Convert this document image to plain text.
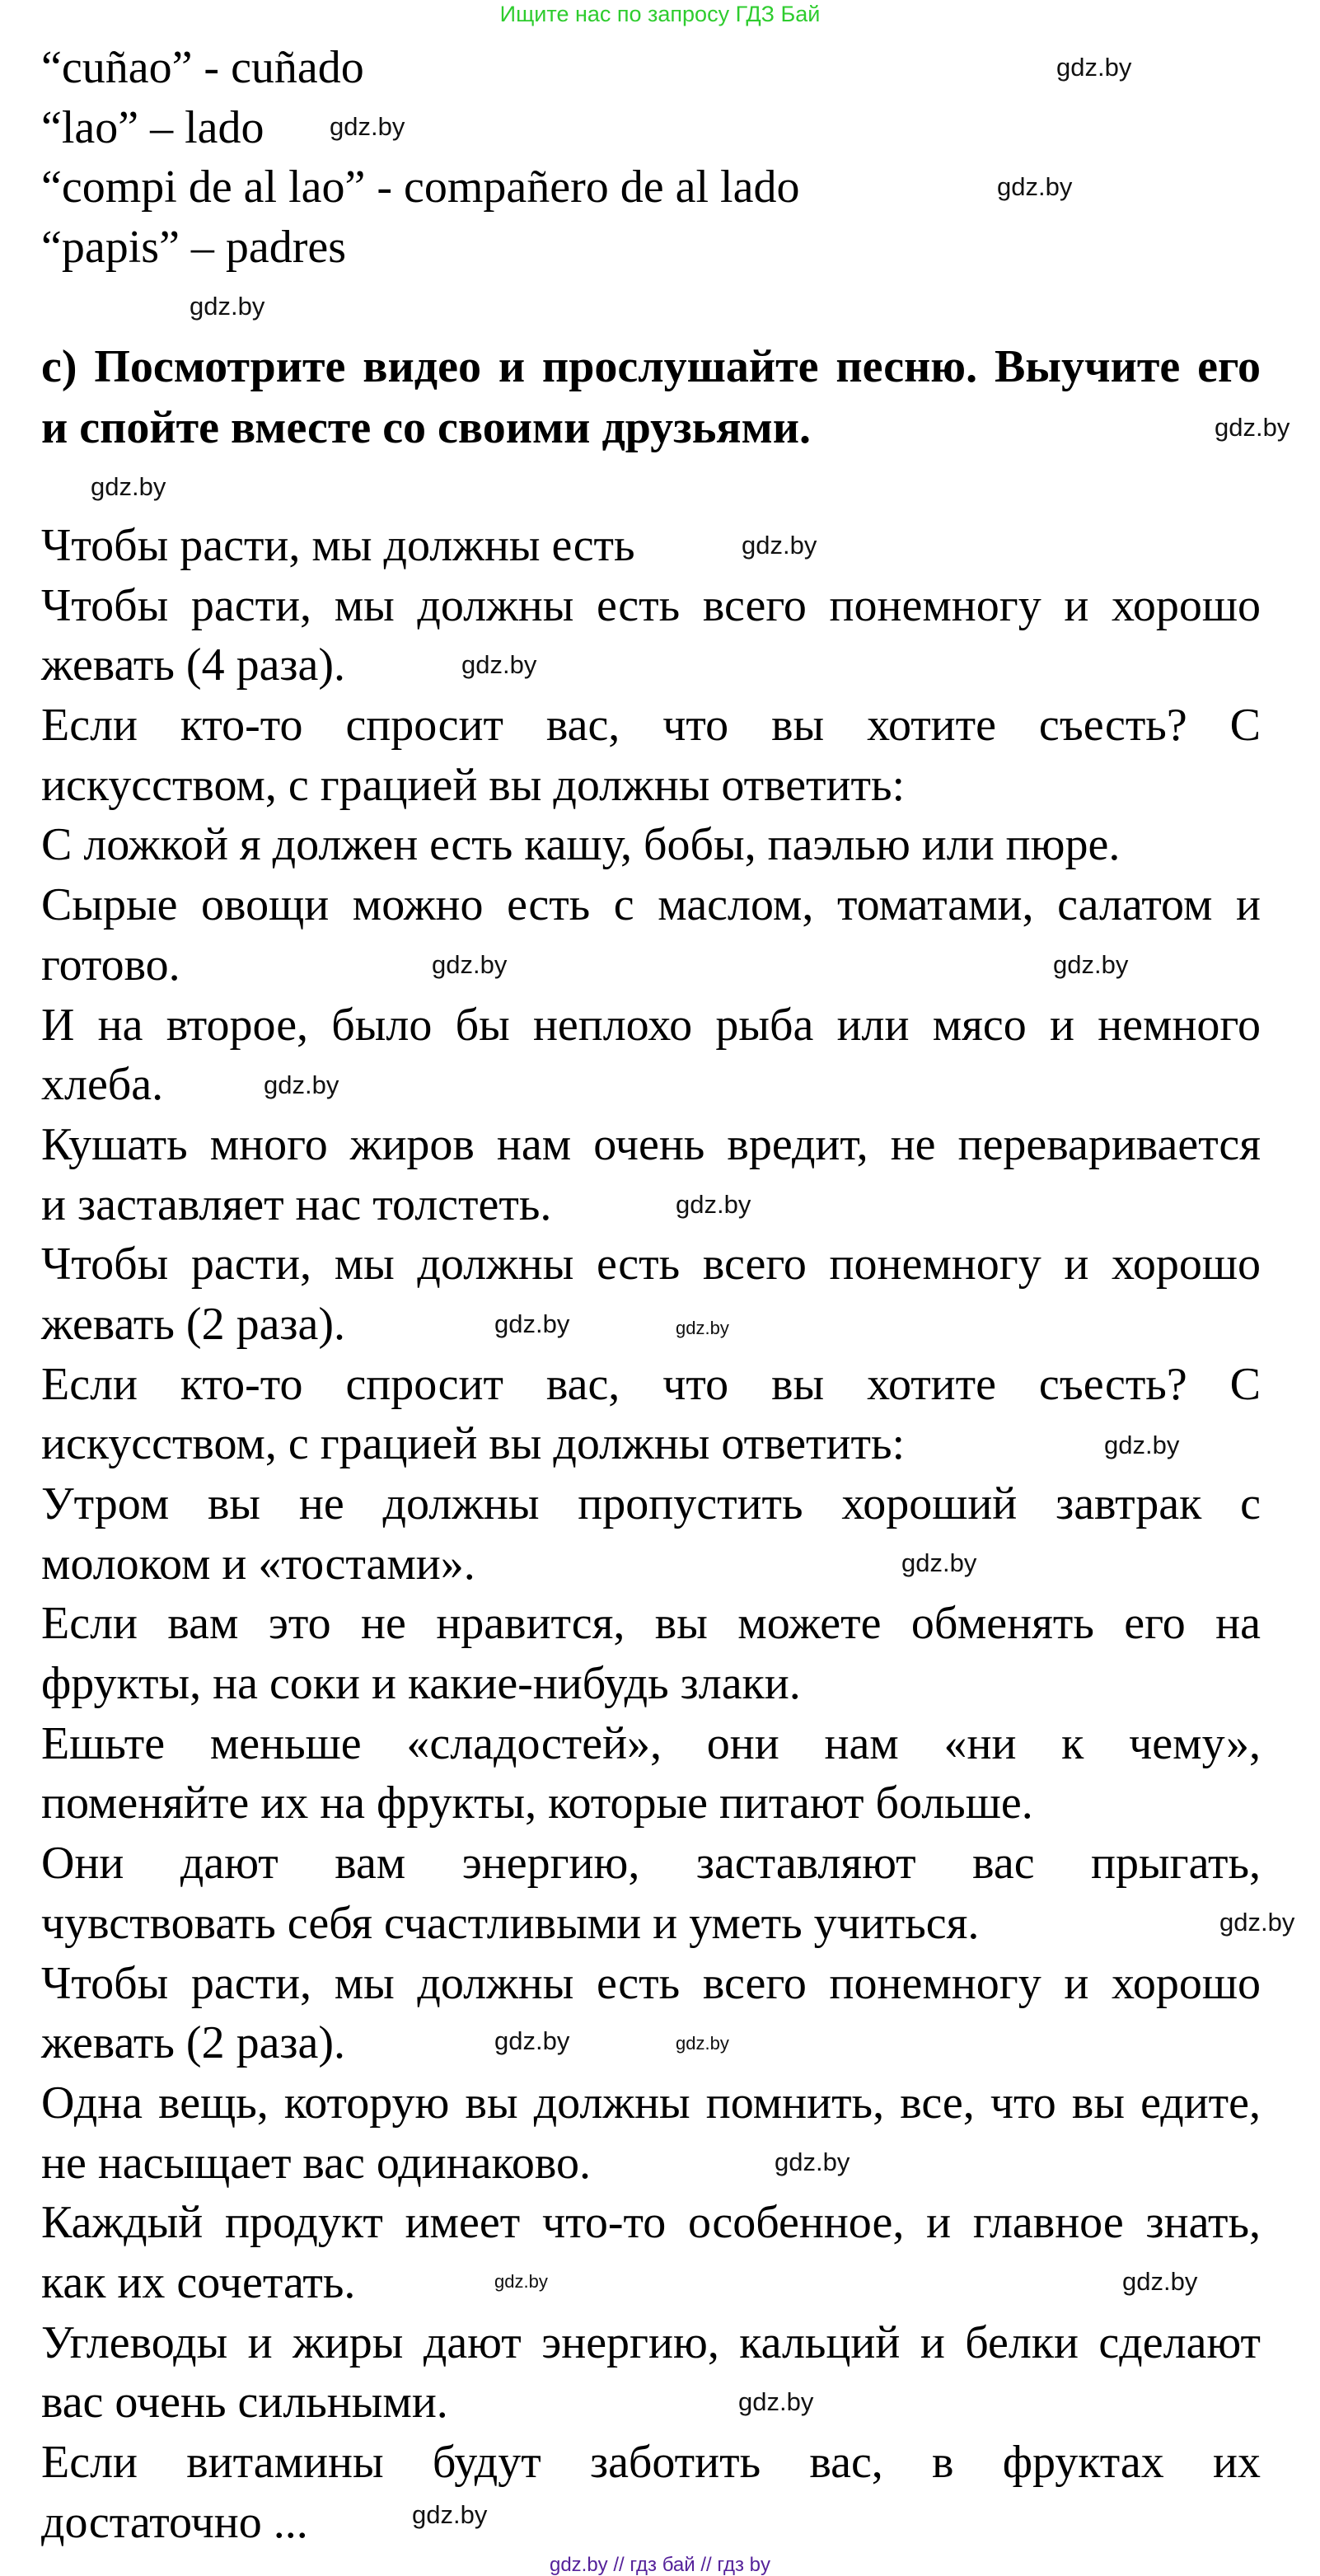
Ищите нас по запросу ГДЗ Бай
“cuñao” - cuñado
“lao” – lado
“compi de al lao” - compañero de al lado
“papis” – padres
c) Посмотрите видео и прослушайте песню. Выучите его
и спойте вместе со своими друзьями.
Чтобы расти, мы должны есть
Чтобы расти, мы должны есть всего понемногу и хорошо
жевать (4 раза).
Если кто-то спросит вас, что вы хотите съесть? С
искусством, с грацией вы должны ответить:
С ложкой я должен есть кашу, бобы, паэлью или пюре.
Сырые овощи можно есть с маслом, томатами, салатом и
готово.
И на второе, было бы неплохо рыба или мясо и немного
хлеба.
Кушать много жиров нам очень вредит, не переваривается
и заставляет нас толстеть.
Чтобы расти, мы должны есть всего понемногу и хорошо
жевать (2 раза).
Если кто-то спросит вас, что вы хотите съесть? С
искусством, с грацией вы должны ответить:
Утром вы не должны пропустить хороший завтрак с
молоком и «тостами».
Если вам это не нравится, вы можете обменять его на
фрукты, на соки и какие-нибудь злаки.
Ешьте меньше «сладостей», они нам «ни к чему»,
поменяйте их на фрукты, которые питают больше.
Они дают вам энергию, заставляют вас прыгать,
чувствовать себя счастливыми и уметь учиться.
Чтобы расти, мы должны есть всего понемногу и хорошо
жевать (2 раза).
Одна вещь, которую вы должны помнить, все, что вы едите,
не насыщает вас одинаково.
Каждый продукт имеет что-то особенное, и главное знать,
как их сочетать.
Углеводы и жиры дают энергию, кальций и белки сделают
вас очень сильными.
Если витамины будут заботить вас, в фруктах их
достаточно ...
gdz.by
gdz.by
gdz.by
gdz.by
gdz.by
gdz.by
gdz.by
gdz.by
gdz.by	gdz.by
gdz.by
gdz.by
gdz.by	gdz.by
gdz.by
gdz.by
gdz.by
gdz.by
gdz.by
gdz.by
gdz.by	gdz.by
gdz.by
gdz.by
gdz.by // гдз бай // гдз by
